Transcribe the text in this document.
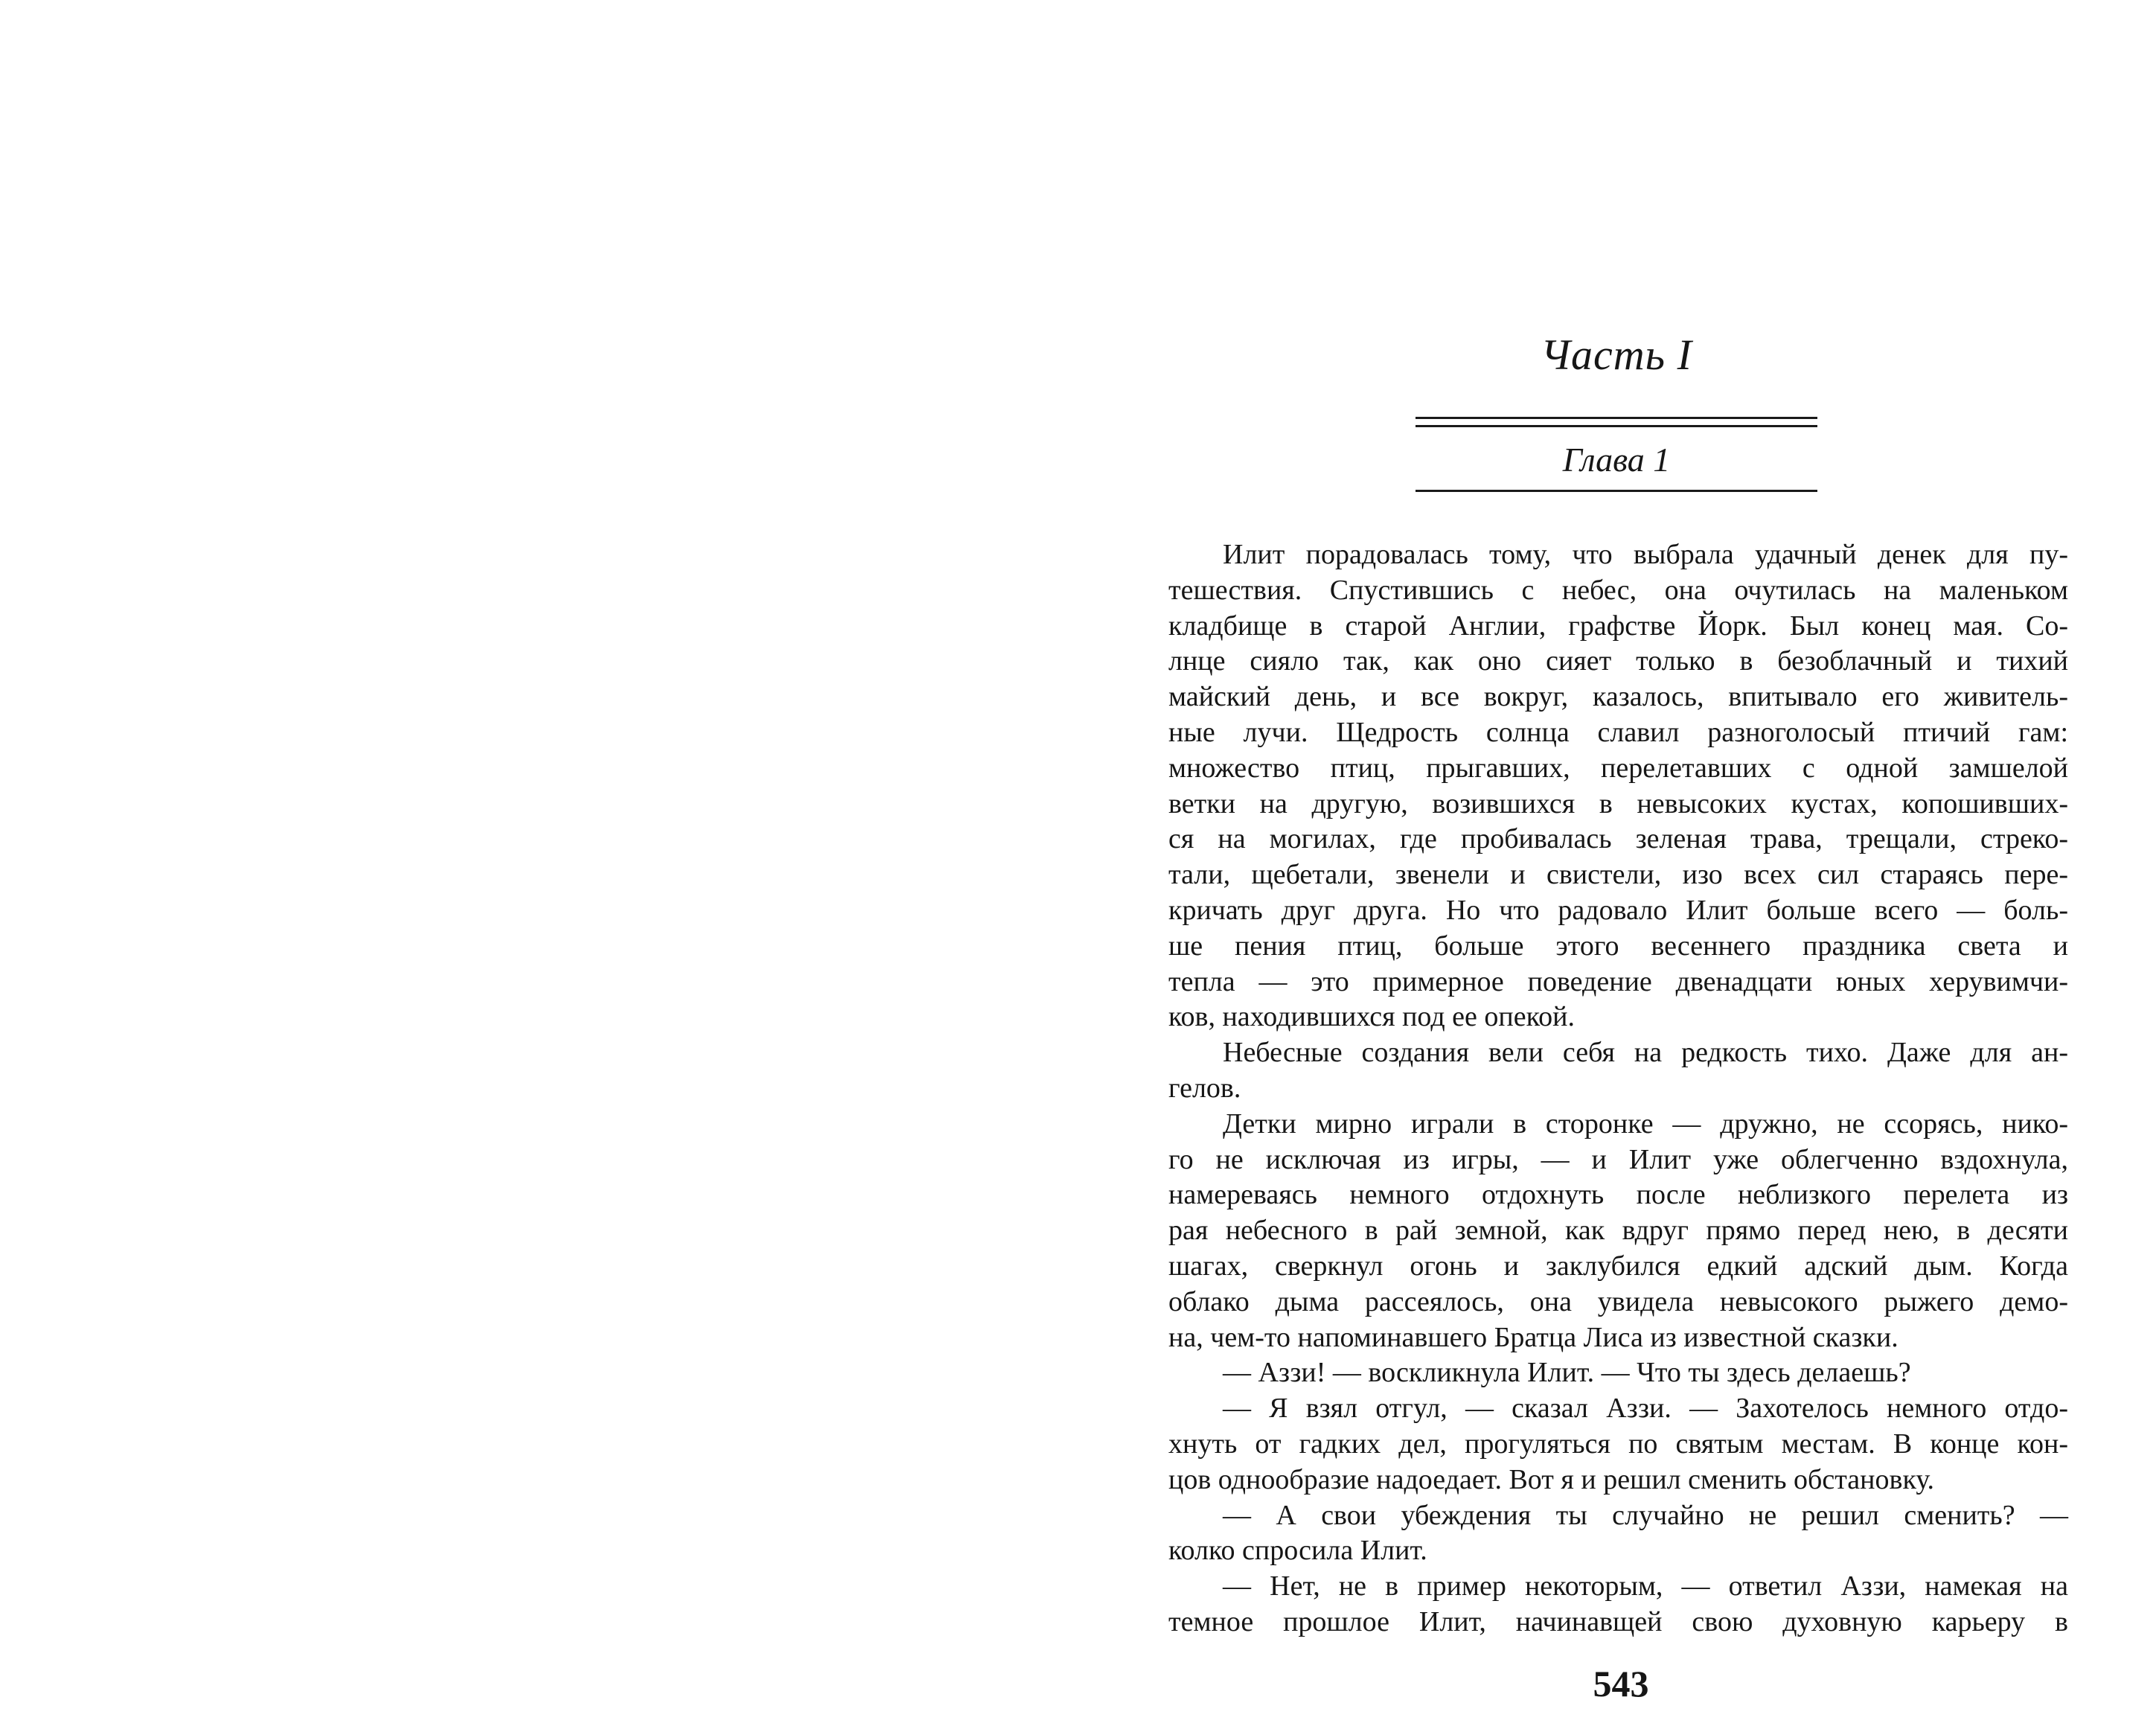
Часть I
Глава 1
Илит порадовалась тому, что выбрала удачный денек для пу-
тешествия. Спустившись с небес, она очутилась на маленьком
кладбище в старой Англии, графстве Йорк. Был конец мая. Со-
лнце сияло так, как оно сияет только в безоблачный и тихий
майский день, и все вокруг, казалось, впитывало его живитель-
ные лучи. Щедрость солнца славил разноголосый птичий гам:
множество птиц, прыгавших, перелетавших с одной замшелой
ветки на другую, возившихся в невысоких кустах, копошивших-
ся на могилах, где пробивалась зеленая трава, трещали, стреко-
тали, щебетали, звенели и свистели, изо всех сил стараясь пере-
кричать друг друга. Но что радовало Илит больше всего — боль-
ше пения птиц, больше этого весеннего праздника света и
тепла — это примерное поведение двенадцати юных херувимчи-
ков, находившихся под ее опекой.
Небесные создания вели себя на редкость тихо. Даже для ан-
гелов.
Детки мирно играли в сторонке — дружно, не ссорясь, нико-
го не исключая из игры, — и Илит уже облегченно вздохнула,
намереваясь немного отдохнуть после неблизкого перелета из
рая небесного в рай земной, как вдруг прямо перед нею, в десяти
шагах, сверкнул огонь и заклубился едкий адский дым. Когда
облако дыма рассеялось, она увидела невысокого рыжего демо-
на, чем-то напоминавшего Братца Лиса из известной сказки.
— Аззи! — воскликнула Илит. — Что ты здесь делаешь?
— Я взял отгул, — сказал Аззи. — Захотелось немного отдо-
хнуть от гадких дел, прогуляться по святым местам. В конце кон-
цов однообразие надоедает. Вот я и решил сменить обстановку.
— А свои убеждения ты случайно не решил сменить? —
колко спросила Илит.
— Нет, не в пример некоторым, — ответил Аззи, намекая на
темное прошлое Илит, начинавщей свою духовную карьеру в
543
